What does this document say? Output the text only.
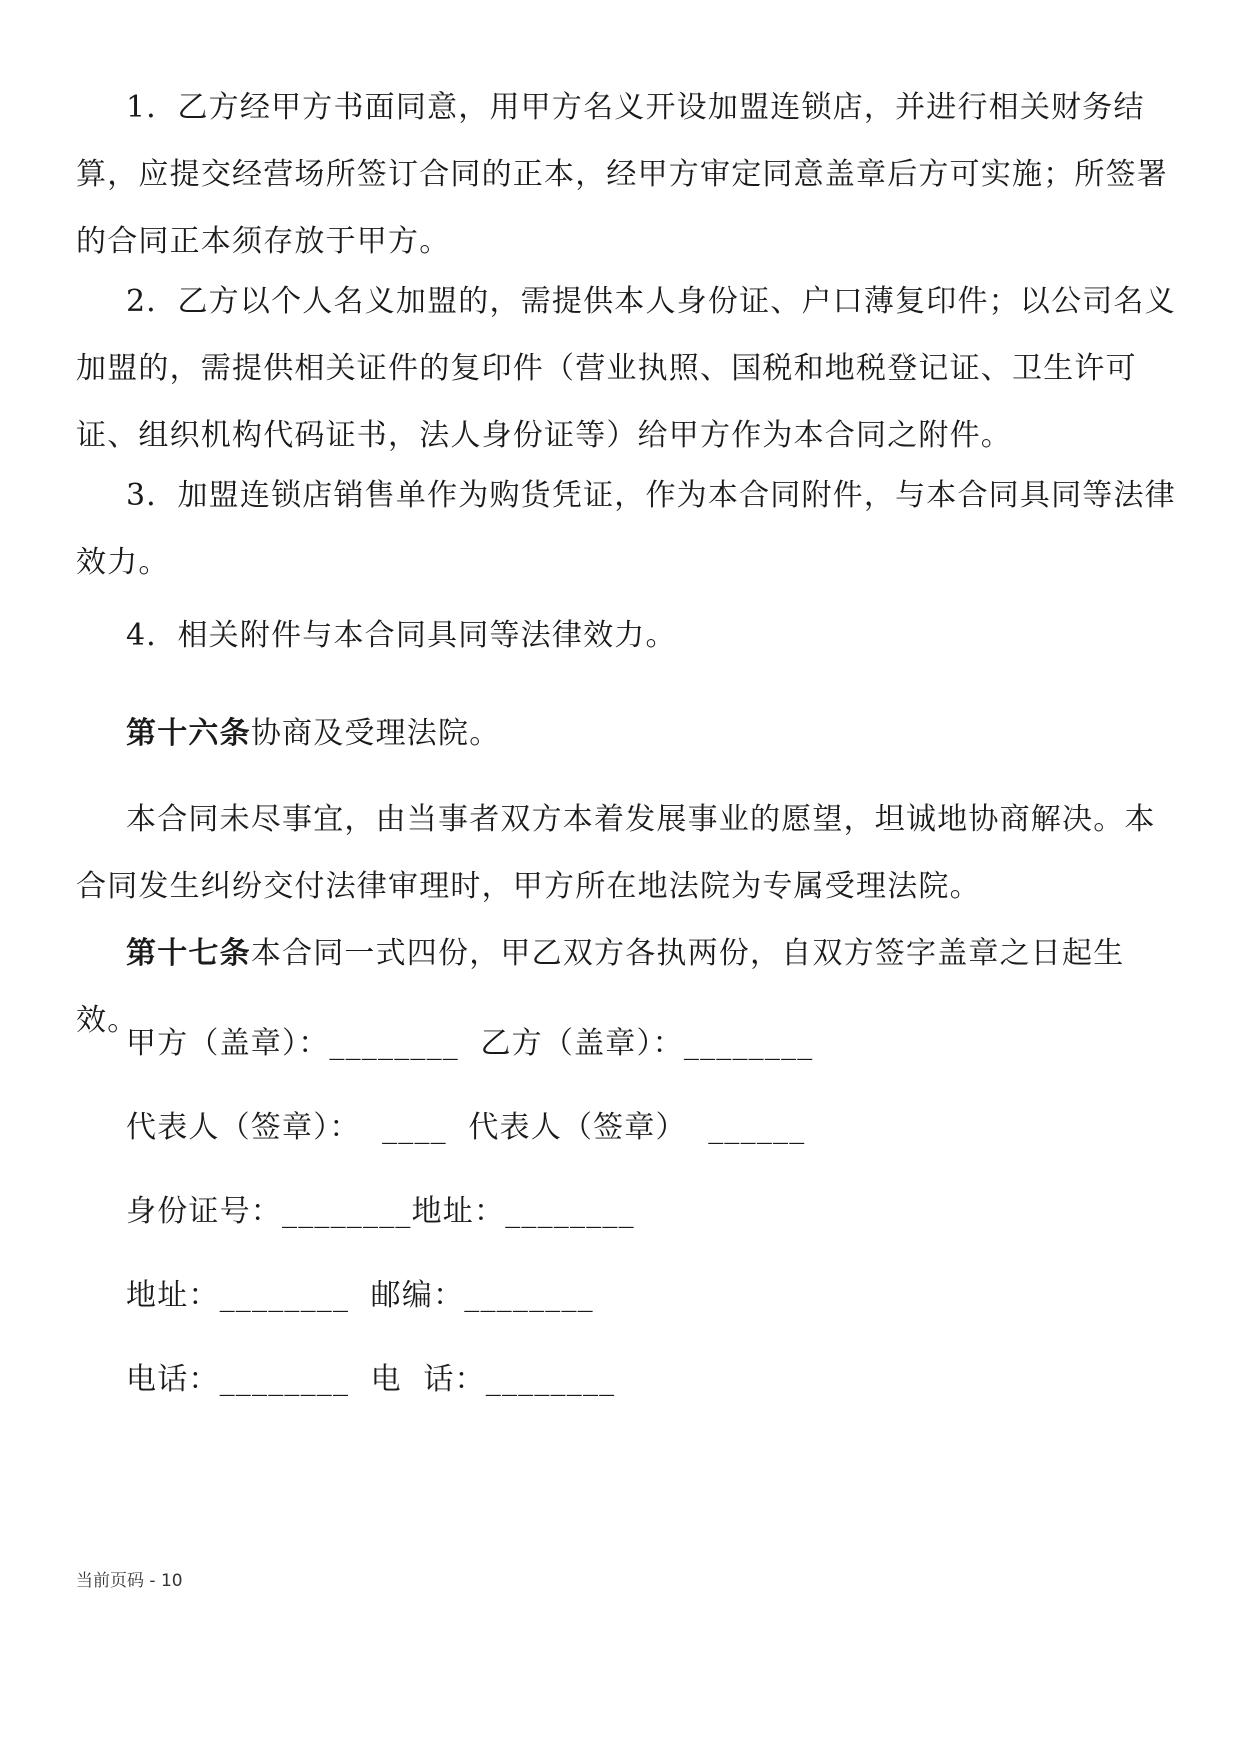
1．乙方经甲方书面同意，用甲方名义开设加盟连锁店，并进行相关财务结算，应提交经营场所签订合同的正本，经甲方审定同意盖章后方可实施；所签署的合同正本须存放于甲方。

2．乙方以个人名义加盟的，需提供本人身份证、户口薄复印件；以公司名义加盟的，需提供相关证件的复印件（营业执照、国税和地税登记证、卫生许可证、组织机构代码证书，法人身份证等）给甲方作为本合同之附件。

3．加盟连锁店销售单作为购货凭证，作为本合同附件，与本合同具同等法律效力。

4．相关附件与本合同具同等法律效力。

第十六条协商及受理法院。

本合同未尽事宜，由当事者双方本着发展事业的愿望，坦诚地协商解决。本合同发生纠纷交付法律审理时，甲方所在地法院为专属受理法院。

第十七条本合同一式四份，甲乙双方各执两份，自双方签字盖章之日起生效。

甲方（盖章）：________  乙方（盖章）：________

代表人（签章）：  ____  代表人（签章）  ______

身份证号：________地址：________

地址：________  邮编：________

电话：________  电  话：________

当前页码 - 10
